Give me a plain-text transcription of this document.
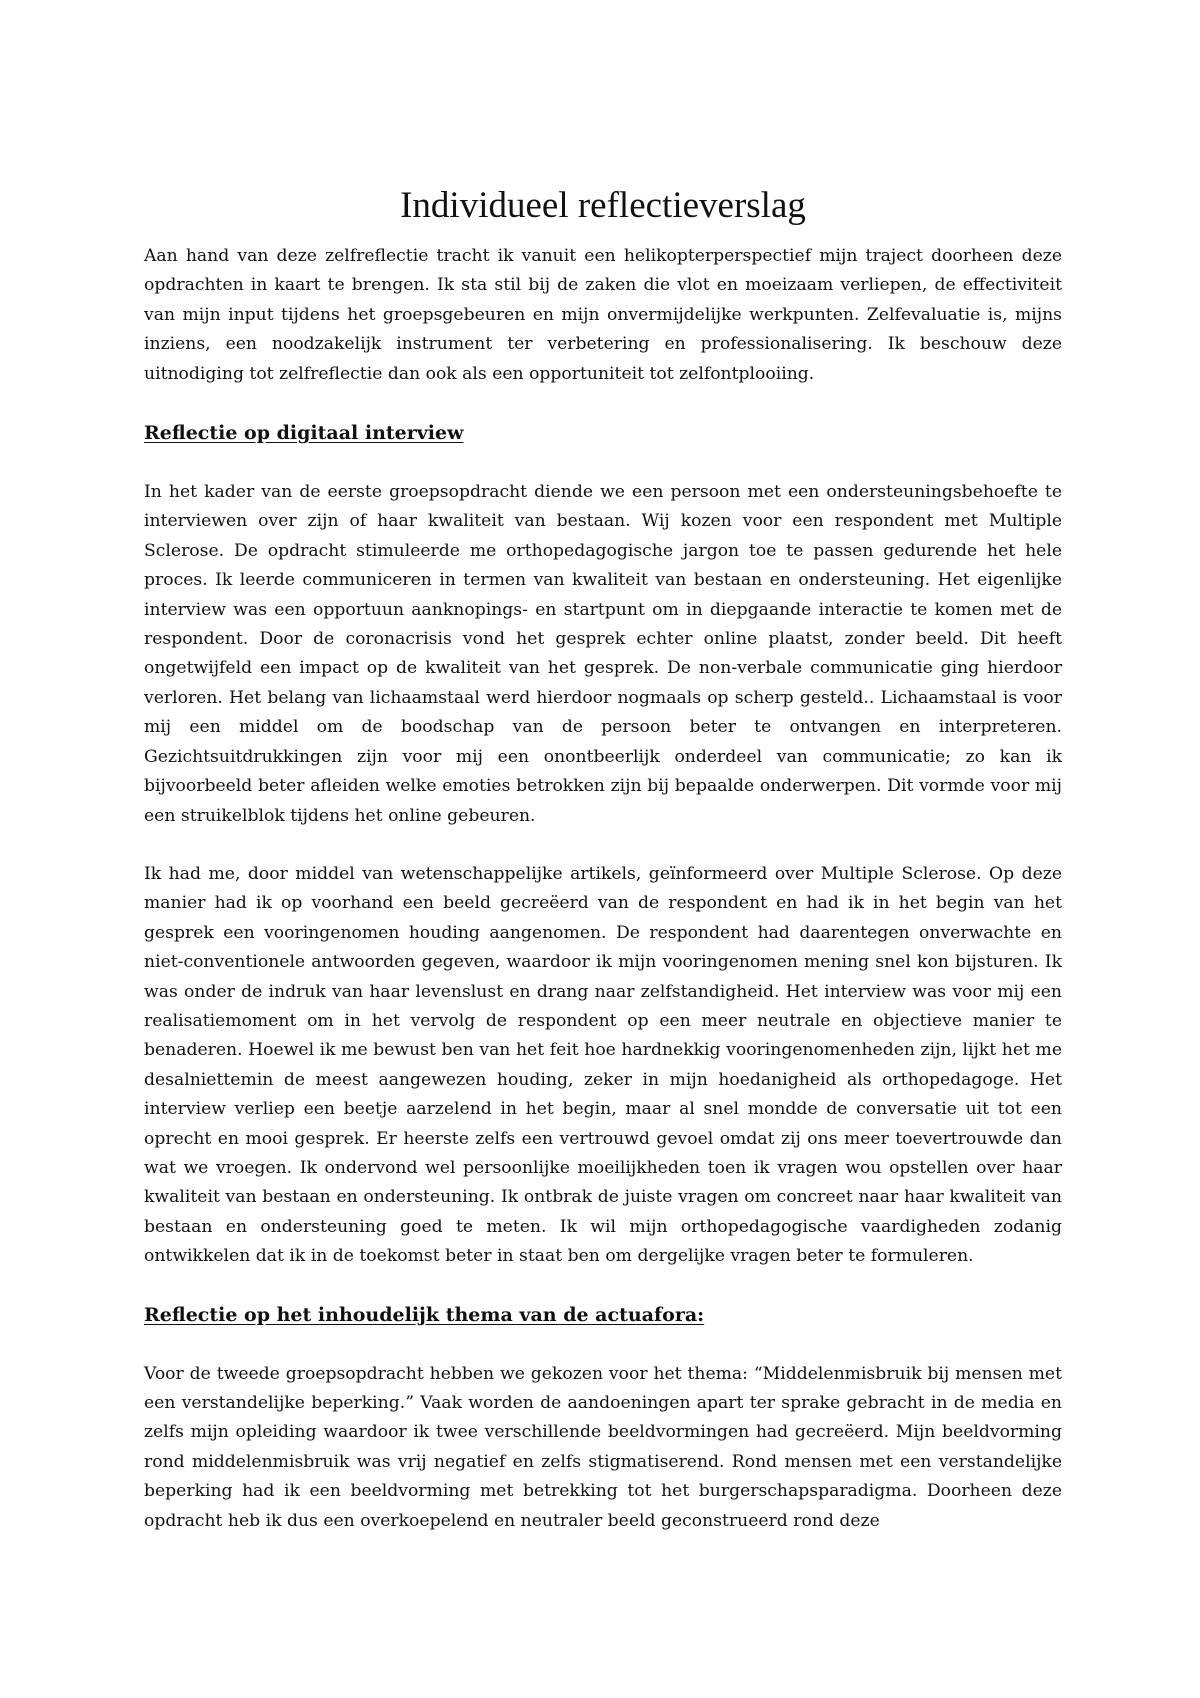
Individueel reflectieverslag

Aan hand van deze zelfreflectie tracht ik vanuit een helikopterperspectief mijn traject doorheen deze opdrachten in kaart te brengen. Ik sta stil bij de zaken die vlot en moeizaam verliepen, de effectiviteit van mijn input tijdens het groepsgebeuren en mijn onvermijdelijke werkpunten. Zelfevaluatie is, mijns inziens, een noodzakelijk instrument ter verbetering en professionalisering. Ik beschouw deze uitnodiging tot zelfreflectie dan ook als een opportuniteit tot zelfontplooiing.

Reflectie op digitaal interview

In het kader van de eerste groepsopdracht diende we een persoon met een ondersteuningsbehoefte te interviewen over zijn of haar kwaliteit van bestaan. Wij kozen voor een respondent met Multiple Sclerose. De opdracht stimuleerde me orthopedagogische jargon toe te passen gedurende het hele proces. Ik leerde communiceren in termen van kwaliteit van bestaan en ondersteuning. Het eigenlijke interview was een opportuun aanknopings- en startpunt om in diepgaande interactie te komen met de respondent. Door de coronacrisis vond het gesprek echter online plaatst, zonder beeld. Dit heeft ongetwijfeld een impact op de kwaliteit van het gesprek. De non-verbale communicatie ging hierdoor verloren. Het belang van lichaamstaal werd hierdoor nogmaals op scherp gesteld.. Lichaamstaal is voor mij een middel om de boodschap van de persoon beter te ontvangen en interpreteren. Gezichtsuitdrukkingen zijn voor mij een onontbeerlijk onderdeel van communicatie; zo kan ik bijvoorbeeld beter afleiden welke emoties betrokken zijn bij bepaalde onderwerpen. Dit vormde voor mij een struikelblok tijdens het online gebeuren.

Ik had me, door middel van wetenschappelijke artikels, geïnformeerd over Multiple Sclerose. Op deze manier had ik op voorhand een beeld gecreëerd van de respondent en had ik in het begin van het gesprek een vooringenomen houding aangenomen. De respondent had daarentegen onverwachte en niet-conventionele antwoorden gegeven, waardoor ik mijn vooringenomen mening snel kon bijsturen. Ik was onder de indruk van haar levenslust en drang naar zelfstandigheid. Het interview was voor mij een realisatiemoment om in het vervolg de respondent op een meer neutrale en objectieve manier te benaderen. Hoewel ik me bewust ben van het feit hoe hardnekkig vooringenomenheden zijn, lijkt het me desalniettemin de meest aangewezen houding, zeker in mijn hoedanigheid als orthopedagoge. Het interview verliep een beetje aarzelend in het begin, maar al snel mondde de conversatie uit tot een oprecht en mooi gesprek. Er heerste zelfs een vertrouwd gevoel omdat zij ons meer toevertrouwde dan wat we vroegen. Ik ondervond wel persoonlijke moeilijkheden toen ik vragen wou opstellen over haar kwaliteit van bestaan en ondersteuning. Ik ontbrak de juiste vragen om concreet naar haar kwaliteit van bestaan en ondersteuning goed te meten. Ik wil mijn orthopedagogische vaardigheden zodanig ontwikkelen dat ik in de toekomst beter in staat ben om dergelijke vragen beter te formuleren.

Reflectie op het inhoudelijk thema van de actuafora:

Voor de tweede groepsopdracht hebben we gekozen voor het thema: “Middelenmisbruik bij mensen met een verstandelijke beperking.” Vaak worden de aandoeningen apart ter sprake gebracht in de media en zelfs mijn opleiding waardoor ik twee verschillende beeldvormingen had gecreëerd. Mijn beeldvorming rond middelenmisbruik was vrij negatief en zelfs stigmatiserend. Rond mensen met een verstandelijke beperking had ik een beeldvorming met betrekking tot het burgerschapsparadigma. Doorheen deze opdracht heb ik dus een overkoepelend en neutraler beeld geconstrueerd rond deze
